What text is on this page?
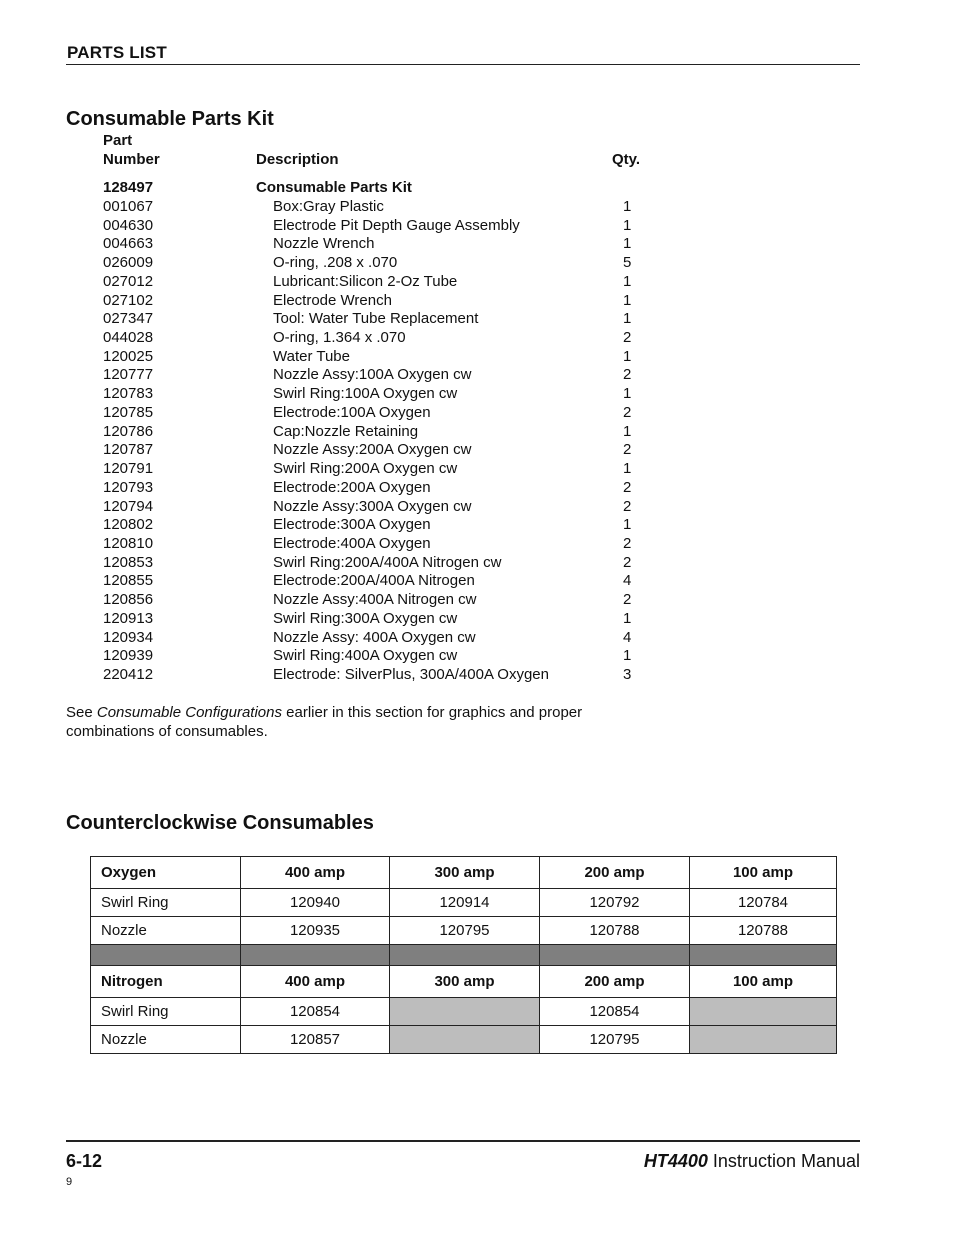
PARTS LIST
Consumable Parts Kit
Part
Number	Description	Qty.
128497	Consumable Parts Kit
001067	Box:Gray Plastic	1
004630	Electrode Pit Depth Gauge Assembly	1
004663	Nozzle Wrench	1
026009	O-ring, .208 x .070	5
027012	Lubricant:Silicon 2-Oz Tube	1
027102	Electrode Wrench	1
027347	Tool: Water Tube Replacement	1
044028	O-ring, 1.364 x .070	2
120025	Water Tube	1
120777	Nozzle Assy:100A Oxygen cw	2
120783	Swirl Ring:100A Oxygen cw	1
120785	Electrode:100A Oxygen	2
120786	Cap:Nozzle Retaining	1
120787	Nozzle Assy:200A Oxygen cw	2
120791	Swirl Ring:200A Oxygen cw	1
120793	Electrode:200A Oxygen	2
120794	Nozzle Assy:300A Oxygen cw	2
120802	Electrode:300A Oxygen	1
120810	Electrode:400A Oxygen	2
120853	Swirl Ring:200A/400A Nitrogen cw	2
120855	Electrode:200A/400A Nitrogen	4
120856	Nozzle Assy:400A Nitrogen cw	2
120913	Swirl Ring:300A Oxygen cw	1
120934	Nozzle Assy: 400A Oxygen cw	4
120939	Swirl Ring:400A Oxygen cw	1
220412	Electrode: SilverPlus, 300A/400A Oxygen	3
See Consumable Configurations earlier in this section for graphics and proper combinations of consumables.
Counterclockwise Consumables
Oxygen	400 amp	300 amp	200 amp	100 amp
Swirl Ring	120940	120914	120792	120784
Nozzle	120935	120795	120788	120788

Nitrogen	400 amp	300 amp	200 amp	100 amp
Swirl Ring	120854		120854	
Nozzle	120857		120795	
6-12	HT4400 Instruction Manual
9
